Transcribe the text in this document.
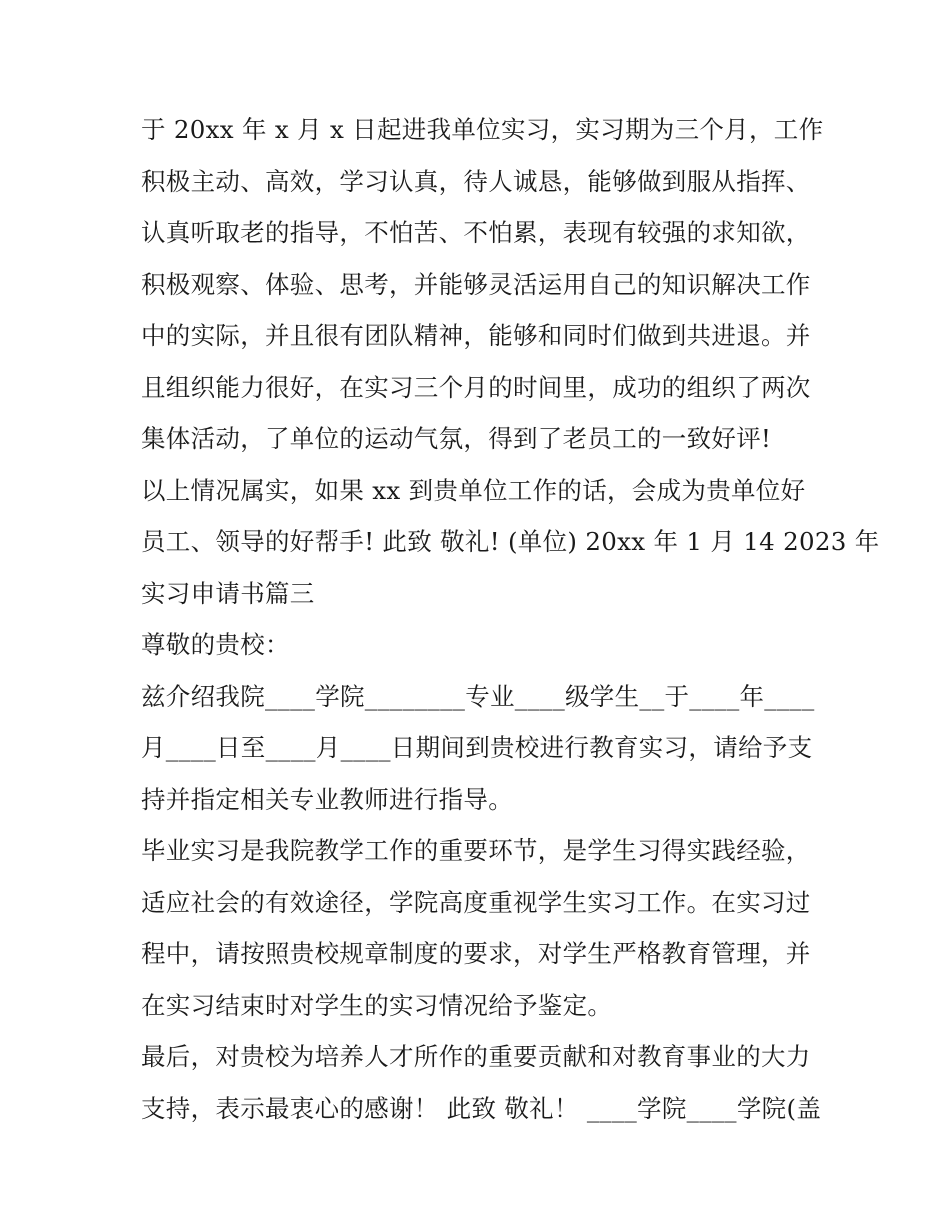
于 20xx 年 x 月 x 日起进我单位实习，实习期为三个月，工作
积极主动、高效，学习认真，待人诚恳，能够做到服从指挥、
认真听取老的指导，不怕苦、不怕累，表现有较强的求知欲，
积极观察、体验、思考，并能够灵活运用自己的知识解决工作
中的实际，并且很有团队精神，能够和同时们做到共进退。并
且组织能力很好，在实习三个月的时间里，成功的组织了两次
集体活动，了单位的运动气氛，得到了老员工的一致好评!
以上情况属实，如果 xx 到贵单位工作的话，会成为贵单位好
员工、领导的好帮手! 此致 敬礼! (单位) 20xx 年 1 月 14 2023 年
实习申请书篇三
尊敬的贵校：
兹介绍我院____学院________专业____级学生__于____年____
月____日至____月____日期间到贵校进行教育实习，请给予支
持并指定相关专业教师进行指导。
毕业实习是我院教学工作的重要环节，是学生习得实践经验，
适应社会的有效途径，学院高度重视学生实习工作。在实习过
程中，请按照贵校规章制度的要求，对学生严格教育管理，并
在实习结束时对学生的实习情况给予鉴定。
最后，对贵校为培养人才所作的重要贡献和对教育事业的大力
支持，表示最衷心的感谢！ 此致 敬礼！ ____学院____学院(盖
